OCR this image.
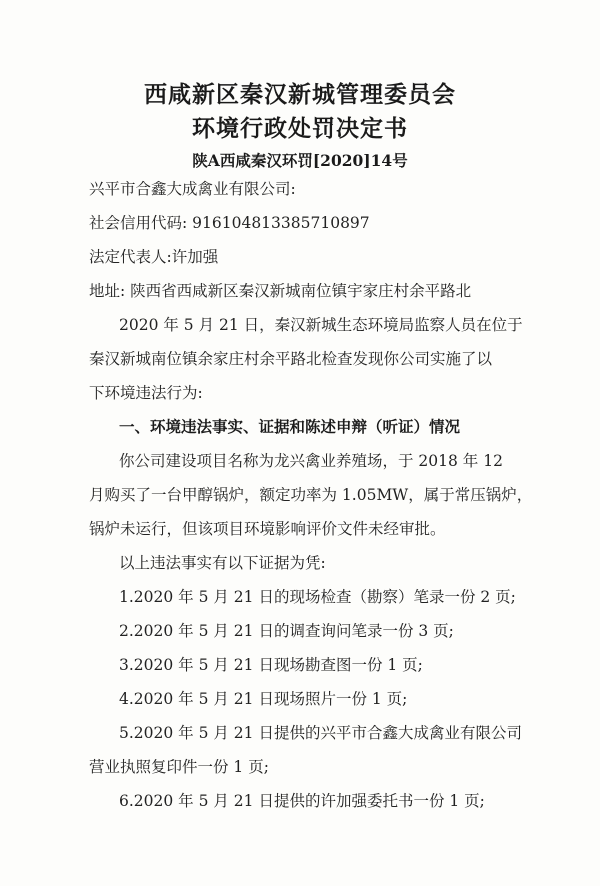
西咸新区秦汉新城管理委员会
环境行政处罚决定书
陕A西咸秦汉环罚[2020]14号
兴平市合鑫大成禽业有限公司:
社会信用代码: 916104813385710897
法定代表人:许加强
地址: 陕西省西咸新区秦汉新城南位镇宇家庄村余平路北
2020 年 5 月 21 日，秦汉新城生态环境局监察人员在位于
秦汉新城南位镇余家庄村余平路北检查发现你公司实施了以
下环境违法行为:
一、环境违法事实、证据和陈述申辩（听证）情况
你公司建设项目名称为龙兴禽业养殖场，于 2018 年 12
月购买了一台甲醇锅炉，额定功率为 1.05MW，属于常压锅炉，
锅炉未运行，但该项目环境影响评价文件未经审批。
以上违法事实有以下证据为凭:
1.2020 年 5 月 21 日的现场检查（勘察）笔录一份 2 页;
2.2020 年 5 月 21 日的调查询问笔录一份 3 页;
3.2020 年 5 月 21 日现场勘查图一份 1 页;
4.2020 年 5 月 21 日现场照片一份 1 页;
5.2020 年 5 月 21 日提供的兴平市合鑫大成禽业有限公司
营业执照复印件一份 1 页;
6.2020 年 5 月 21 日提供的许加强委托书一份 1 页;
